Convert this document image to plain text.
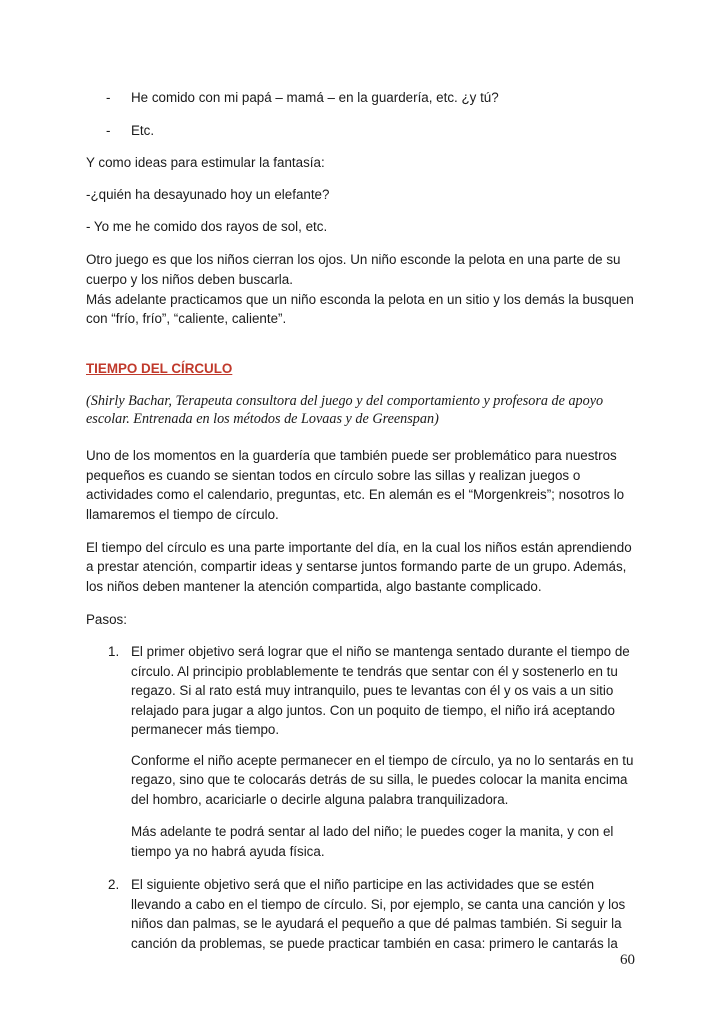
- He comido con mi papá – mamá – en la guardería, etc. ¿y tú?
- Etc.
Y como ideas para estimular la fantasía:
-¿quién ha desayunado hoy un elefante?
- Yo me he comido dos rayos de sol, etc.
Otro juego es que los niños cierran los ojos. Un niño esconde la pelota en una parte de su
cuerpo y los niños deben buscarla.
Más adelante practicamos que un niño esconda la pelota en un sitio y los demás la busquen
con “frío, frío”, “caliente, caliente”.
TIEMPO DEL CÍRCULO
(Shirly Bachar, Terapeuta consultora del juego y del comportamiento y profesora de apoyo
escolar. Entrenada en los métodos de Lovaas y de Greenspan)
Uno de los momentos en la guardería que también puede ser problemático para nuestros
pequeños es cuando se sientan todos en círculo sobre las sillas y realizan juegos o
actividades como el calendario, preguntas, etc. En alemán es el “Morgenkreis”; nosotros lo
llamaremos el tiempo de círculo.
El tiempo del círculo es una parte importante del día, en la cual los niños están aprendiendo
a prestar atención, compartir ideas y sentarse juntos formando parte de un grupo. Además,
los niños deben mantener la atención compartida, algo bastante complicado.
Pasos:
1. El primer objetivo será lograr que el niño se mantenga sentado durante el tiempo de
círculo. Al principio problablemente te tendrás que sentar con él y sostenerlo en tu
regazo. Si al rato está muy intranquilo, pues te levantas con él y os vais a un sitio
relajado para jugar a algo juntos. Con un poquito de tiempo, el niño irá aceptando
permanecer más tiempo.
Conforme el niño acepte permanecer en el tiempo de círculo, ya no lo sentarás en tu
regazo, sino que te colocarás detrás de su silla, le puedes colocar la manita encima
del hombro, acariciarle o decirle alguna palabra tranquilizadora.
Más adelante te podrá sentar al lado del niño; le puedes coger la manita, y con el
tiempo ya no habrá ayuda física.
2. El siguiente objetivo será que el niño participe en las actividades que se estén
llevando a cabo en el tiempo de círculo. Si, por ejemplo, se canta una canción y los
niños dan palmas, se le ayudará el pequeño a que dé palmas también. Si seguir la
canción da problemas, se puede practicar también en casa: primero le cantarás la
60
